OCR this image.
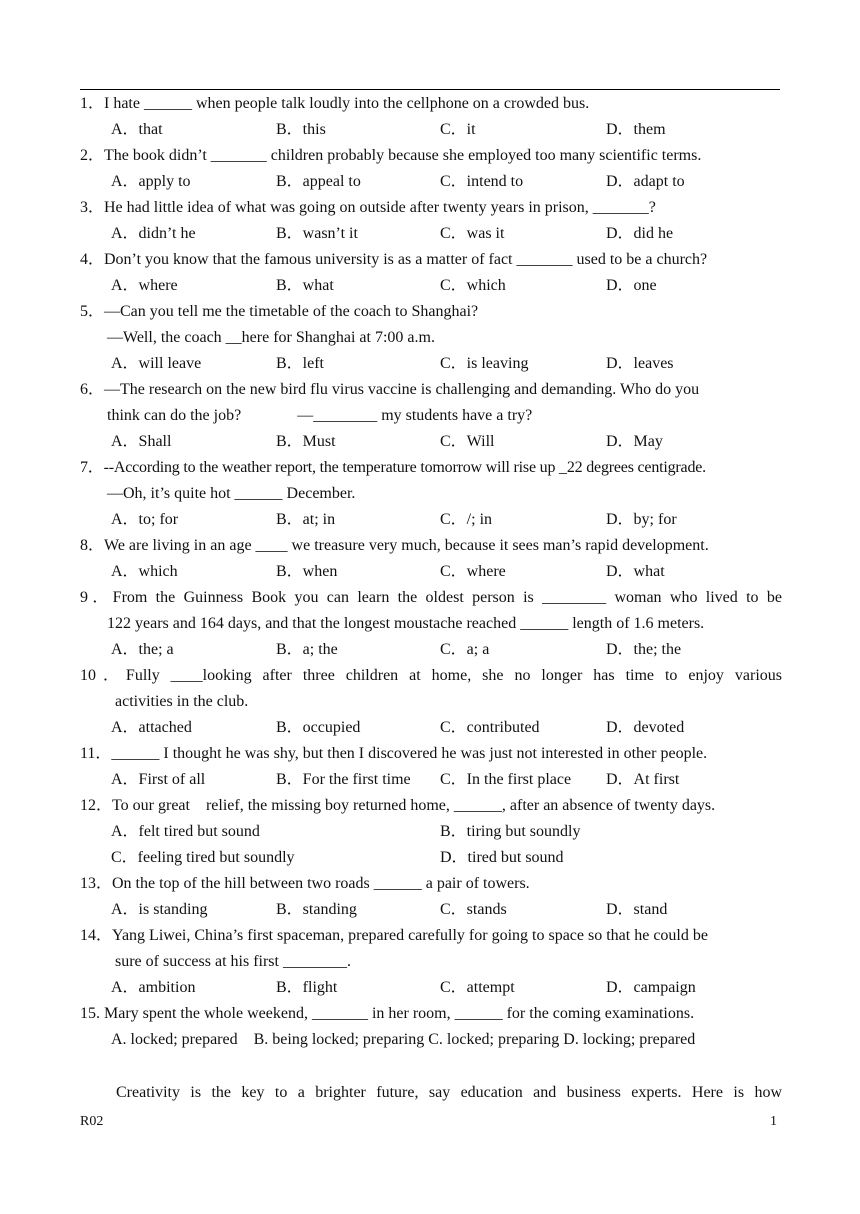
1．I hate ______ when people talk loudly into the cellphone on a crowded bus.
A．that	B．this	C．it	D．them
2．The book didn’t _______ children probably because she employed too many scientific terms.
A．apply to	B．appeal to	C．intend to	D．adapt to
3．He had little idea of what was going on outside after twenty years in prison, _______?
A．didn’t he	B．wasn’t it	C．was it	D．did he
4．Don’t you know that the famous university is as a matter of fact _______ used to be a church?
A．where	B．what	C．which	D．one
5．—Can you tell me the timetable of the coach to Shanghai?
—Well, the coach __here for Shanghai at 7:00 a.m.
A．will leave	B．left	C．is leaving	D．leaves
6．—The research on the new bird flu virus vaccine is challenging and demanding. Who do you
think can do the job?              —________ my students have a try?
A．Shall	B．Must	C．Will	D．May
7．--According to the weather report, the temperature tomorrow will rise up _22 degrees centigrade.
—Oh, it’s quite hot ______ December.
A．to; for	B．at; in	C．/; in	D．by; for
8．We are living in an age ____ we treasure very much, because it sees man’s rapid development.
A．which	B．when	C．where	D．what
9．From the Guinness Book you can learn the oldest person is ________ woman who lived to be
122 years and 164 days, and that the longest moustache reached ______ length of 1.6 meters.
A．the; a	B．a; the	C．a; a	D．the; the
10．Fully ____looking after three children at home, she no longer has time to enjoy various
activities in the club.
A．attached	B．occupied	C．contributed	D．devoted
11．______ I thought he was shy, but then I discovered he was just not interested in other people.
A．First of all	B．For the first time C．In the first place D．At first
12．To our great    relief, the missing boy returned home, ______, after an absence of twenty days.
A．felt tired but sound	B．tiring but soundly
C．feeling tired but soundly	D．tired but sound
13．On the top of the hill between two roads ______ a pair of towers.
A．is standing	B．standing	C．stands	D．stand
14．Yang Liwei, China’s first spaceman, prepared carefully for going to space so that he could be
sure of success at his first ________.
A．ambition	B．flight	C．attempt	D．campaign
15. Mary spent the whole weekend, _______ in her room, ______ for the coming examinations.
A. locked; prepared    B. being locked; preparing C. locked; preparing D. locking; prepared
Creativity is the key to a brighter future, say education and business experts. Here is how
R02	1
